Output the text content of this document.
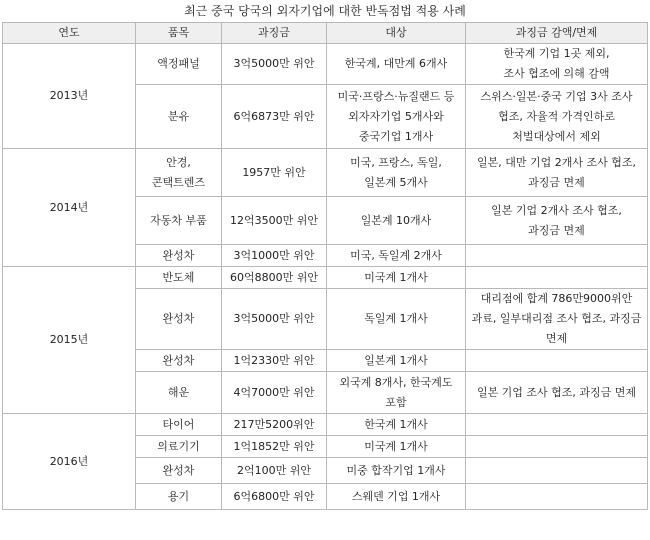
최근 중국 당국의 외자기업에 대한 반독점법 적용 사례
연도	품목	과징금	대상	과징금 감액/면제
2013년	액정패널	3억5000만 위안	한국계, 대만계 6개사	한국계 기업 1곳 제외,
조사 협조에 의해 감액

	분유	6억6873만 위안	미국·프랑스·뉴질랜드 등
외자자기업 5개사와
중국기업 1개사	스위스·일본·중국 기업 3사 조사
협조, 자율적 가격인하로
처벌대상에서 제외

2014년	안경,
콘택트렌즈	1957만 위안	미국, 프랑스, 독일,
일본계 5개사	일본, 대만 기업 2개사 조사 협조,
과징금 면제

	자동차 부품	12억3500만 위안	일본계 10개사	일본 기업 2개사 조사 협조,
과징금 면제

	완성차	3억1000만 위안	미국, 독일계 2개사	

2015년	반도체	60억8800만 위안	미국계 1개사	

	완성차	3억5000만 위안	독일계 1개사	대리점에 합계 786만9000위안
과료, 일부대리점 조사 협조, 과징금
면제

	완성차	1억2330만 위안	일본계 1개사	

	해운	4억7000만 위안	외국계 8개사, 한국계도
포함	일본 기업 조사 협조, 과징금 면제

2016년	타이어	217만5200위안	한국계 1개사	

	의료기기	1억1852만 위안	미국계 1개사	

	완성차	2억100만 위안	미중 합작기업 1개사	

	용기	6억6800만 위안	스웨덴 기업 1개사	
